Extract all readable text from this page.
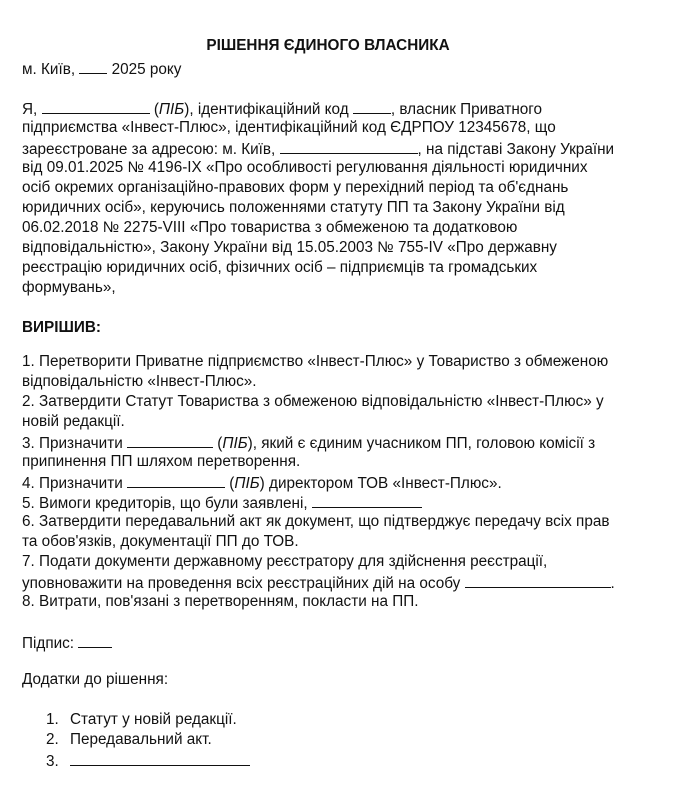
РІШЕННЯ ЄДИНОГО ВЛАСНИКА
м. Київ, 2025 року
Я,	(ПІБ), ідентифікаційний код	, власник Приватного
підприємства «Інвест-Плюс», ідентифікаційний код ЄДРПОУ 12345678, що
зареєстроване за адресою: м. Київ,	, на підставі Закону України
від 09.01.2025 № 4196-ІХ «Про особливості регулювання діяльності юридичних
осіб окремих організаційно-правових форм у перехідний період та об'єднань
юридичних осіб», керуючись положеннями статуту ПП та Закону України від
06.02.2018 № 2275-VIII «Про товариства з обмеженою та додатковою
відповідальністю», Закону України від 15.05.2003 № 755-IV «Про державну
реєстрацію юридичних осіб, фізичних осіб – підприємців та громадських
формувань»,
ВИРІШИВ:
1. Перетворити Приватне підприємство «Інвест-Плюс» у Товариство з обмеженою
відповідальністю «Інвест-Плюс».
2. Затвердити Статут Товариства з обмеженою відповідальністю «Інвест-Плюс» у
новій редакції.
3. Призначити	(ПІБ), який є єдиним учасником ПП, головою комісії з
припинення ПП шляхом перетворення.
4. Призначити	(ПІБ) директором ТОВ «Інвест-Плюс».
5. Вимоги кредиторів, що були заявлені,
6. Затвердити передавальний акт як документ, що підтверджує передачу всіх прав
та обов'язків, документації ПП до ТОВ.
7. Подати документи державному реєстратору для здійснення реєстрації,
уповноважити на проведення всіх реєстраційних дій на особу	.
8. Витрати, пов'язані з перетворенням, покласти на ПП.
Підпис:
Додатки до рішення:
1. Статут у новій редакції.
2. Передавальний акт.
3.
